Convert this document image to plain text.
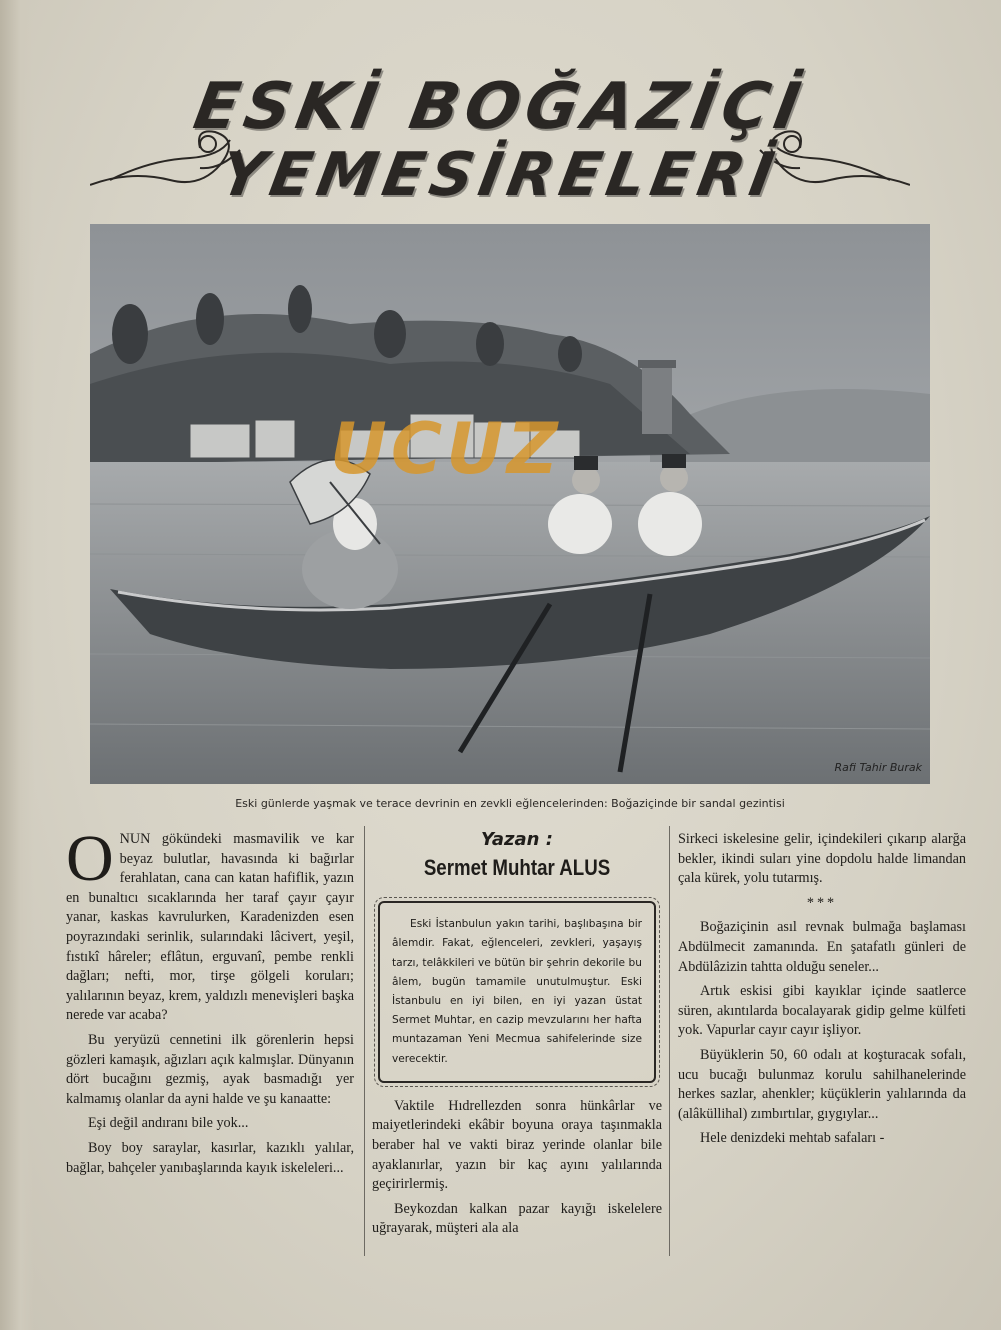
ESKİ BOĞAZİÇİ
YEMESİRELERİ
Rafi Tahir Burak
UCUZ
Eski günlerde yaşmak ve terace devrinin en zevkli eğlencelerinden: Boğaziçinde bir sandal gezintisi

ONUN gökündeki masmavilik ve kar beyaz bulutlar, havasında ki bağırlar ferahlatan, cana can katan hafiflik, yazın en bunaltıcı sıcaklarında her taraf çayır çayır yanar, kaskas kavrulurken, Karadenizden esen poyrazındaki serinlik, sularındaki lâcivert, yeşil, fıstıkî hâreler; eflâtun, erguvanî, pembe renkli dağları; nefti, mor, tirşe gölgeli koruları; yalılarının beyaz, krem, yaldızlı menevişleri başka nerede var acaba?

Bu yeryüzü cennetini ilk görenlerin hepsi gözleri kamaşık, ağızları açık kalmışlar. Dünyanın dört bucağını gezmiş, ayak basmadığı yer kalmamış olanlar da ayni halde ve şu kanaatte:

Eşi değil andıranı bile yok...

Boy boy saraylar, kasırlar, kazıklı yalılar, bağlar, bahçeler yanıbaşlarında kayık iskeleleri...

Yazan :
Sermet Muhtar ALUS
Eski İstanbulun yakın tarihi, başlıbaşına bir âlemdir. Fakat, eğlenceleri, zevkleri, yaşayış tarzı, telâkkileri ve bütün bir şehrin dekorile bu âlem, bugün tamamile unutulmuştur. Eski İstanbulu en iyi bilen, en iyi yazan üstat Sermet Muhtar, en cazip mevzularını her hafta muntazaman Yeni Mecmua sahifelerinde size verecektir.

Vaktile Hıdrellezden sonra hünkârlar ve maiyetlerindeki ekâbir boyuna oraya taşınmakla beraber hal ve vakti biraz yerinde olanlar bile ayaklanırlar, yazın bir kaç ayını yalılarında geçirirlermiş.

Beykozdan kalkan pazar kayığı iskelelere uğrayarak, müşteri ala ala

Sirkeci iskelesine gelir, içindekileri çıkarıp alarğa bekler, ikindi suları yine dopdolu halde limandan çala kürek, yolu tutarmış.

***

Boğaziçinin asıl revnak bulmağa başlaması Abdülmecit zamanında. En şatafatlı günleri de Abdülâzizin tahtta olduğu seneler...

Artık eskisi gibi kayıklar içinde saatlerce süren, akıntılarda bocalayarak gidip gelme külfeti yok. Vapurlar cayır cayır işliyor.

Büyüklerin 50, 60 odalı at koşturacak sofalı, ucu bucağı bulunmaz korulu sahilhanelerinde herkes sazlar, ahenkler; küçüklerin yalılarında da (alâküllihal) zımbırtılar, gıygıylar...

Hele denizdeki mehtab safaları -
